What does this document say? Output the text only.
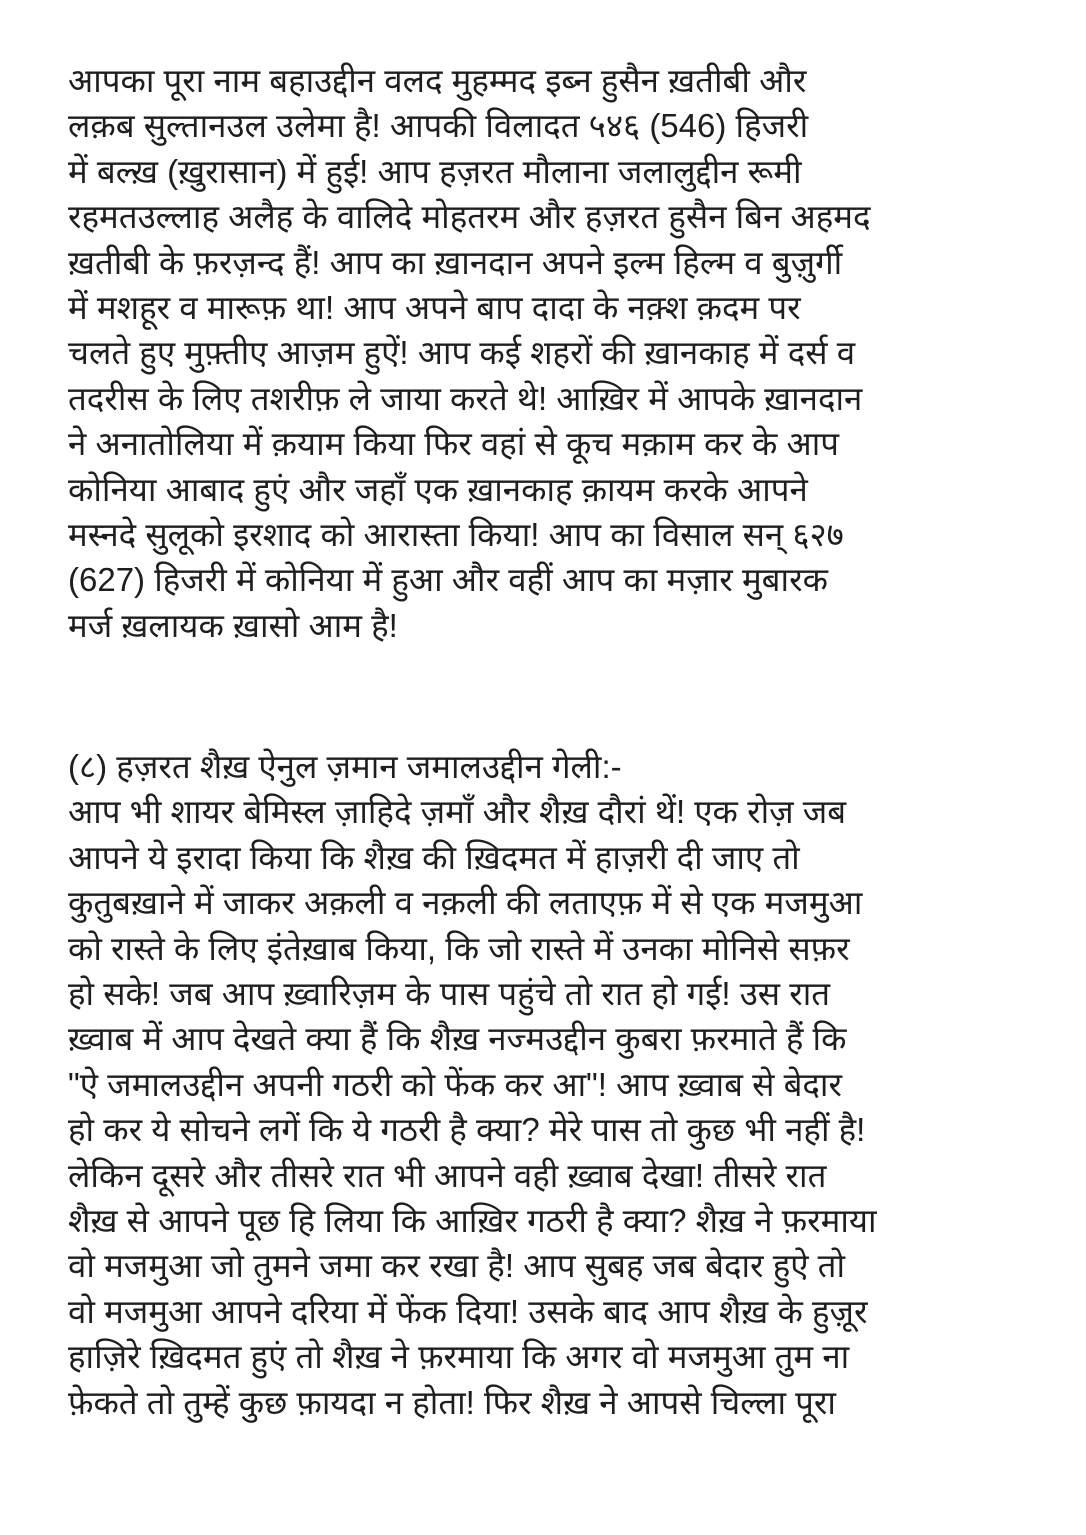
आपका पूरा नाम बहाउद्दीन वलद मुहम्मद इब्न हुसैन ख़तीबी और
लक़ब सुल्तानउल उलेमा है! आपकी विलादत ५४६ (546) हिजरी
में बल्ख़ (ख़ुरासान) में हुई! आप हज़रत मौलाना जलालुद्दीन रूमी
रहमतउल्लाह अलैह के वालिदे मोहतरम और हज़रत हुसैन बिन अहमद
ख़तीबी के फ़रज़न्द हैं! आप का ख़ानदान अपने इल्म हिल्म व बुज़ुर्गी
में मशहूर व मारूफ़ था! आप अपने बाप दादा के नक़्श क़दम पर
चलते हुए मुफ़्तीए आज़म हुऐं! आप कई शहरों की ख़ानकाह में दर्स व
तदरीस के लिए तशरीफ़ ले जाया करते थे! आख़िर में आपके ख़ानदान
ने अनातोलिया में क़याम किया फिर वहां से कूच मक़ाम कर के आप
कोनिया आबाद हुएं और जहाँ एक ख़ानकाह क़ायम करके आपने
मस्नदे सुलूको इरशाद को आरास्ता किया! आप का विसाल सन् ६२७
(627) हिजरी में कोनिया में हुआ और वहीं आप का मज़ार मुबारक
मर्ज ख़लायक ख़ासो आम है!
(८) हज़रत शैख़ ऐनुल ज़मान जमालउद्दीन गेली:-
आप भी शायर बेमिस्ल ज़ाहिदे ज़माँ और शैख़ दौरां थें! एक रोज़ जब
आपने ये इरादा किया कि शैख़ की ख़िदमत में हाज़री दी जाए तो
कुतुबख़ाने में जाकर अक़ली व नक़ली की लताएफ़ में से एक मजमुआ
को रास्ते के लिए इंतेख़ाब किया, कि जो रास्ते में उनका मोनिसे सफ़र
हो सके! जब आप ख़्वारिज़म के पास पहुंचे तो रात हो गई! उस रात
ख़्वाब में आप देखते क्या हैं कि शैख़ नज्मउद्दीन कुबरा फ़रमाते हैं कि
"ऐ जमालउद्दीन अपनी गठरी को फेंक कर आ"! आप ख़्वाब से बेदार
हो कर ये सोचने लगें कि ये गठरी है क्या? मेरे पास तो कुछ भी नहीं है!
लेकिन दूसरे और तीसरे रात भी आपने वही ख़्वाब देखा! तीसरे रात
शैख़ से आपने पूछ हि लिया कि आख़िर गठरी है क्या? शैख़ ने फ़रमाया
वो मजमुआ जो तुमने जमा कर रखा है! आप सुबह जब बेदार हुऐ तो
वो मजमुआ आपने दरिया में फेंक दिया! उसके बाद आप शैख़ के हुज़ूर
हाज़िरे ख़िदमत हुएं तो शैख़ ने फ़रमाया कि अगर वो मजमुआ तुम ना
फ़ेकते तो तुम्हें कुछ फ़ायदा न होता! फिर शैख़ ने आपसे चिल्ला पूरा
